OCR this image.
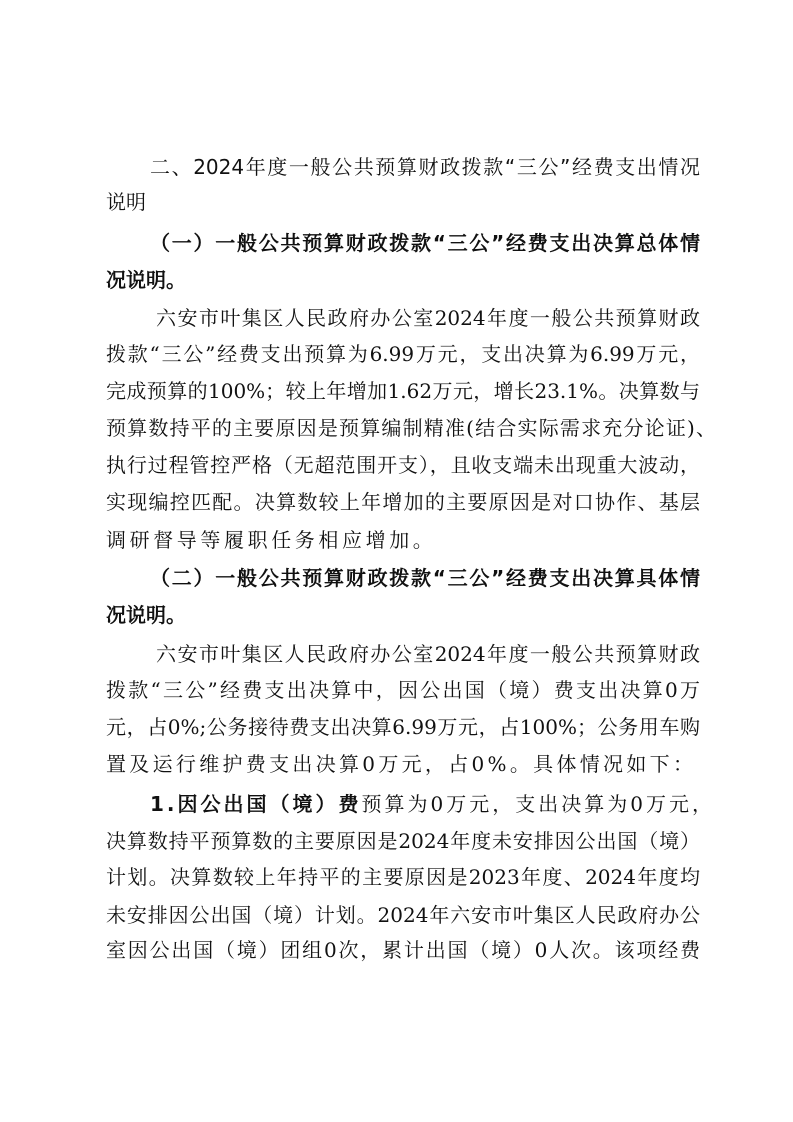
二、2024年度一般公共预算财政拨款“三公”经费支出情况
说明
（一）一般公共预算财政拨款“三公”经费支出决算总体情
况说明。
六安市叶集区人民政府办公室2024年度一般公共预算财政
拨款“三公”经费支出预算为6.99万元，支出决算为6.99万元，
完成预算的100%；较上年增加1.62万元，增长23.1%。决算数与
预算数持平的主要原因是预算编制精准(结合实际需求充分论证)、
执行过程管控严格（无超范围开支），且收支端未出现重大波动，
实现编控匹配。决算数较上年增加的主要原因是对口协作、基层
调研督导等履职任务相应增加。
（二）一般公共预算财政拨款“三公”经费支出决算具体情
况说明。
六安市叶集区人民政府办公室2024年度一般公共预算财政
拨款“三公”经费支出决算中，因公出国（境）费支出决算0万
元，占0%;公务接待费支出决算6.99万元，占100%；公务用车购
置及运行维护费支出决算0万元，占0%。具体情况如下：
1.因公出国（境）费预算为0万元，支出决算为0万元，
决算数持平预算数的主要原因是2024年度未安排因公出国（境）
计划。决算数较上年持平的主要原因是2023年度、2024年度均
未安排因公出国（境）计划。2024年六安市叶集区人民政府办公
室因公出国（境）团组0次，累计出国（境）0人次。该项经费
